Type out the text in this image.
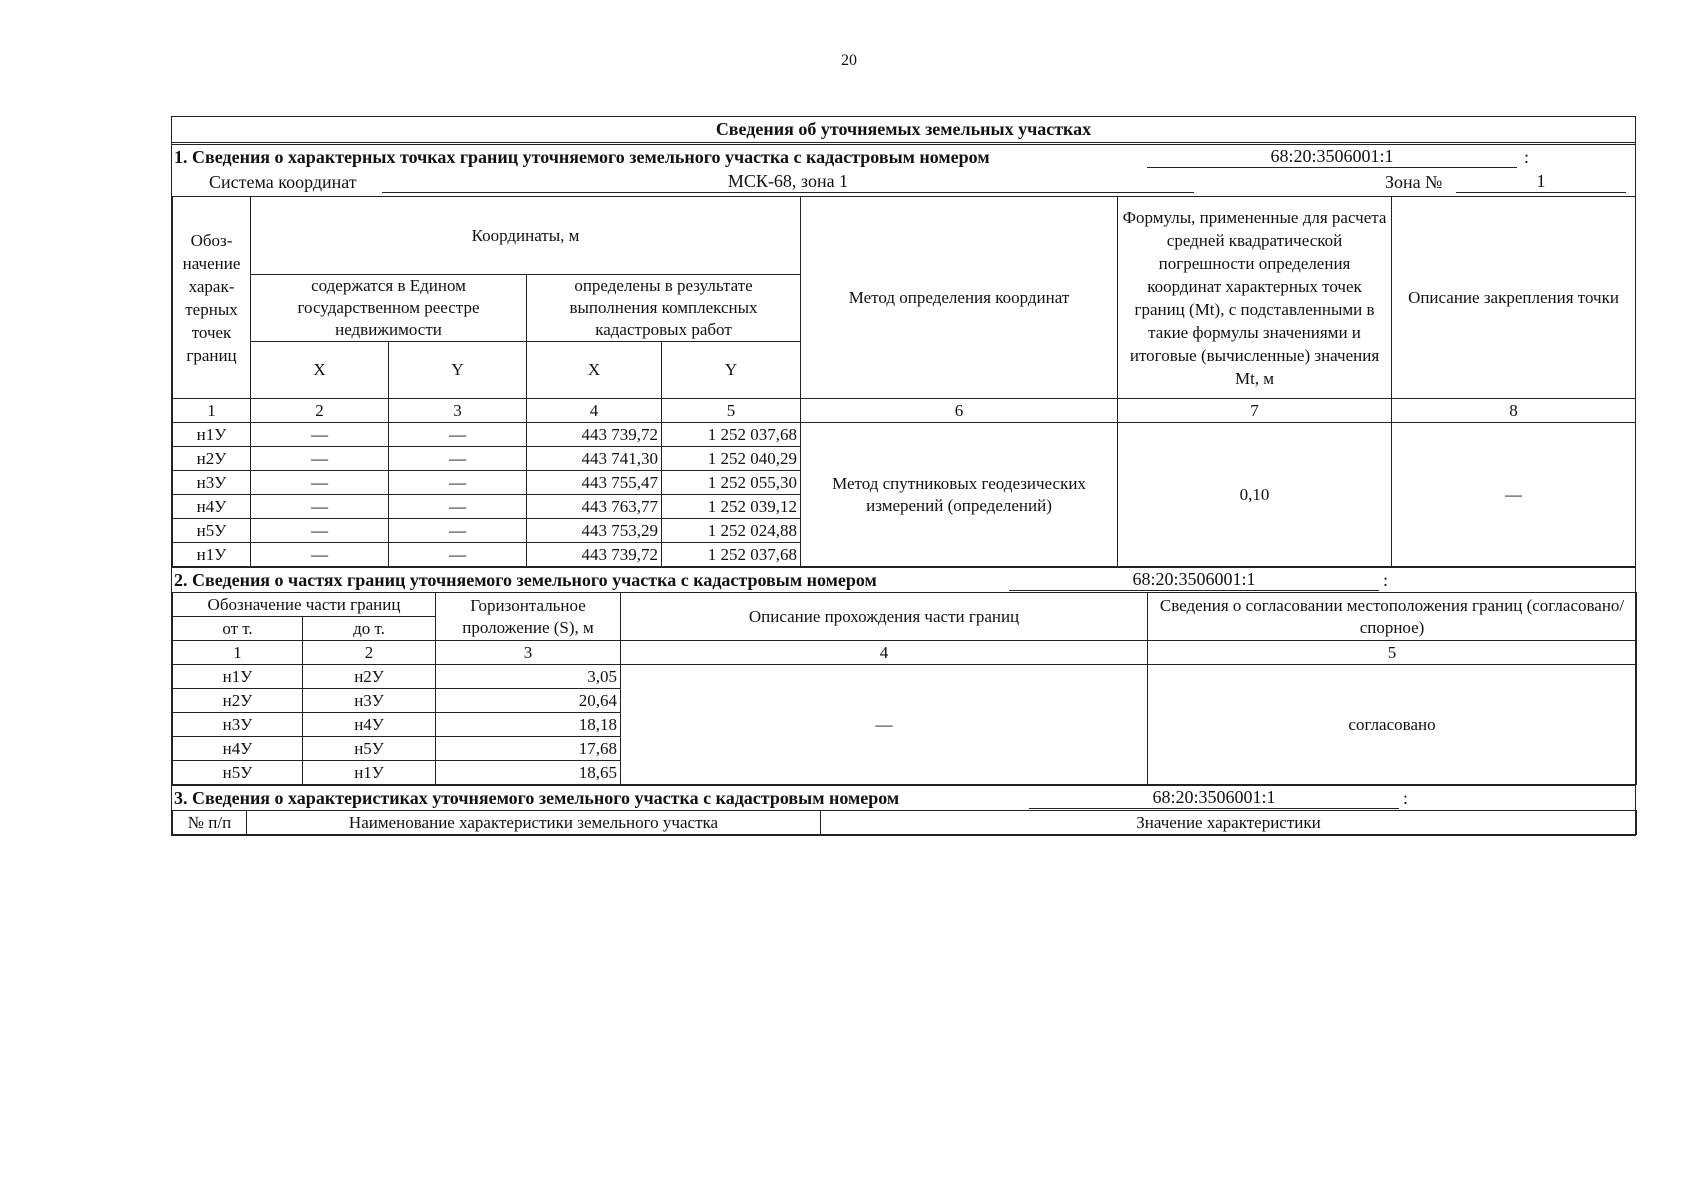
20
Сведения об уточняемых земельных участках
1. Сведения о характерных точках границ уточняемого земельного участка с кадастровым номером	68:20:3506001:1	:
Система координат	МСК-68, зона 1	Зона №	1
Обоз-начение харак-терных точек границ	Координаты, м				Метод определения координат	Формулы, примененные для расчета средней квадратической погрешности определения координат характерных точек границ (Mt), с подставленными в такие формулы значениями и итоговые (вычисленные) значения Mt, м	Описание закрепления точки
	содержатся в Едином государственном реестре недвижимости		определены в результате выполнения комплексных кадастровых работ				
	X	Y	X	Y			
1	2	3	4	5	6	7	8
н1У	—	—	443 739,72	1 252 037,68	Метод спутниковых геодезических измерений (определений)	0,10	—
н2У	—	—	443 741,30	1 252 040,29			
н3У	—	—	443 755,47	1 252 055,30			
н4У	—	—	443 763,77	1 252 039,12			
н5У	—	—	443 753,29	1 252 024,88			
н1У	—	—	443 739,72	1 252 037,68			
2. Сведения о частях границ уточняемого земельного участка с кадастровым номером	68:20:3506001:1	:
Обозначение части границ		Горизонтальное проложение (S), м	Описание прохождения части границ	Сведения о согласовании местоположения границ (согласовано/спорное)
от т.	до т.			
1	2	3	4	5
н1У	н2У	3,05	—	согласовано
н2У	н3У	20,64		
н3У	н4У	18,18		
н4У	н5У	17,68		
н5У	н1У	18,65		
3. Сведения о характеристиках уточняемого земельного участка с кадастровым номером	68:20:3506001:1	:
№ п/п	Наименование характеристики земельного участка	Значение характеристики
